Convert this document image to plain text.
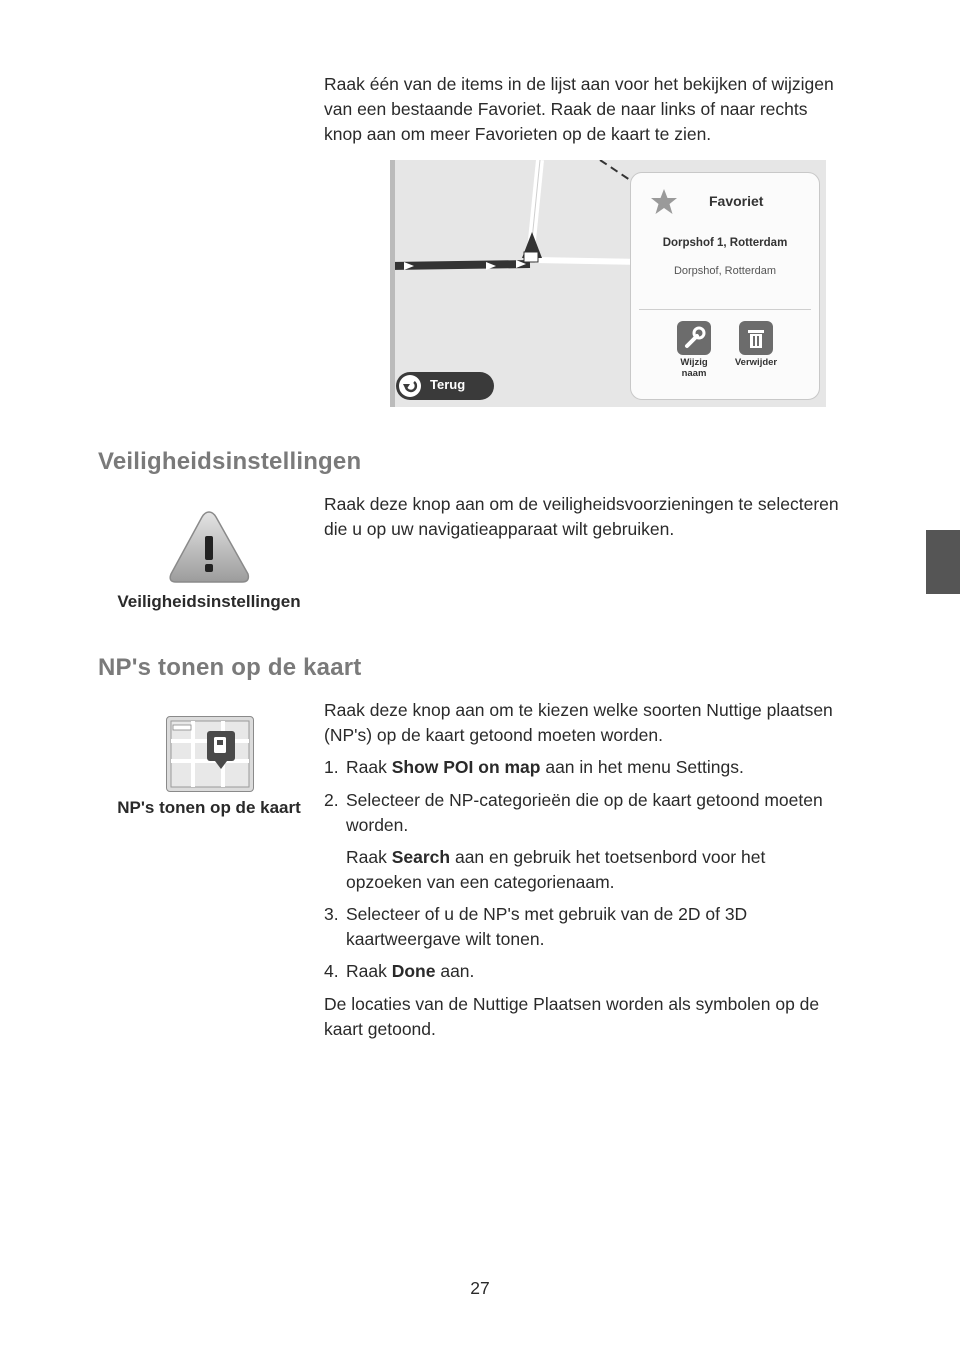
Raak één van de items in de lijst aan voor het bekijken of wijzigen
van een bestaande Favoriet. Raak de naar links of naar rechts
knop aan om meer Favorieten op de kaart te zien.
Favoriet
Dorpshof 1, Rotterdam
Dorpshof, Rotterdam
Wijzig
naam
Verwijder
Terug
Veiligheidsinstellingen
Veiligheidsinstellingen
Raak deze knop aan om de veiligheidsvoorzieningen te selecteren
die u op uw navigatieapparaat wilt gebruiken.
NP's tonen op de kaart
NP's tonen op de kaart
Raak deze knop aan om te kiezen welke soorten Nuttige plaatsen
(NP's) op de kaart getoond moeten worden.
1. Raak Show POI on map aan in het menu Settings.
2. Selecteer de NP-categorieën die op de kaart getoond moeten
worden.
Raak Search aan en gebruik het toetsenbord voor het
opzoeken van een categorienaam.
3. Selecteer of u de NP's met gebruik van de 2D of 3D
kaartweergave wilt tonen.
4. Raak Done aan.
De locaties van de Nuttige Plaatsen worden als symbolen op de
kaart getoond.
27
